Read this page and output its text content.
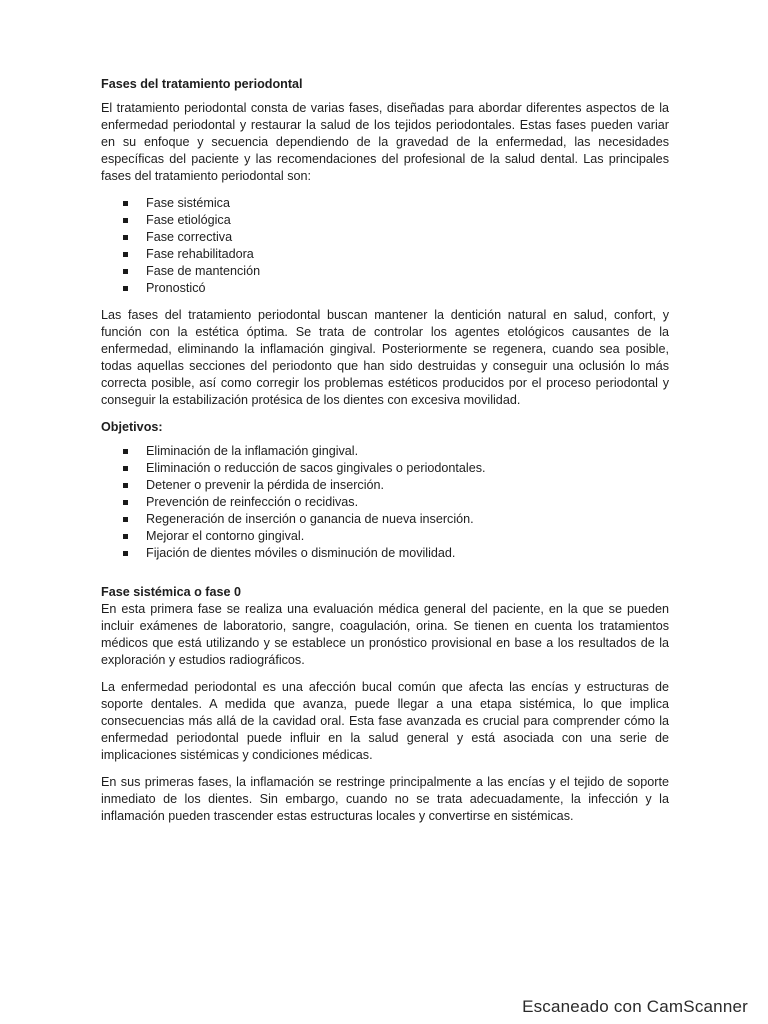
Fases del tratamiento periodontal

El tratamiento periodontal consta de varias fases, diseñadas para abordar diferentes aspectos de la enfermedad periodontal y restaurar la salud de los tejidos periodontales. Estas fases pueden variar en su enfoque y secuencia dependiendo de la gravedad de la enfermedad, las necesidades específicas del paciente y las recomendaciones del profesional de la salud dental. Las principales fases del tratamiento periodontal son:

Fase sistémica
Fase etiológica
Fase correctiva
Fase rehabilitadora
Fase de mantención
Pronosticó

Las fases del tratamiento periodontal buscan mantener la dentición natural en salud, confort, y función con la estética óptima. Se trata de controlar los agentes etológicos causantes de la enfermedad, eliminando la inflamación gingival. Posteriormente se regenera, cuando sea posible, todas aquellas secciones del periodonto que han sido destruidas y conseguir una oclusión lo más correcta posible, así como corregir los problemas estéticos producidos por el proceso periodontal y conseguir la estabilización protésica de los dientes con excesiva movilidad.

Objetivos:
Eliminación de la inflamación gingival.
Eliminación o reducción de sacos gingivales o periodontales.
Detener o prevenir la pérdida de inserción.
Prevención de reinfección o recidivas.
Regeneración de inserción o ganancia de nueva inserción.
Mejorar el contorno gingival.
Fijación de dientes móviles o disminución de movilidad.
Fase sistémica o fase 0

En esta primera fase se realiza una evaluación médica general del paciente, en la que se pueden incluir exámenes de laboratorio, sangre, coagulación, orina. Se tienen en cuenta los tratamientos médicos que está utilizando y se establece un pronóstico provisional en base a los resultados de la exploración y estudios radiográficos.

La enfermedad periodontal es una afección bucal común que afecta las encías y estructuras de soporte dentales. A medida que avanza, puede llegar a una etapa sistémica, lo que implica consecuencias más allá de la cavidad oral. Esta fase avanzada es crucial para comprender cómo la enfermedad periodontal puede influir en la salud general y está asociada con una serie de implicaciones sistémicas y condiciones médicas.

En sus primeras fases, la inflamación se restringe principalmente a las encías y el tejido de soporte inmediato de los dientes. Sin embargo, cuando no se trata adecuadamente, la infección y la inflamación pueden trascender estas estructuras locales y convertirse en sistémicas.

Escaneado con CamScanner
